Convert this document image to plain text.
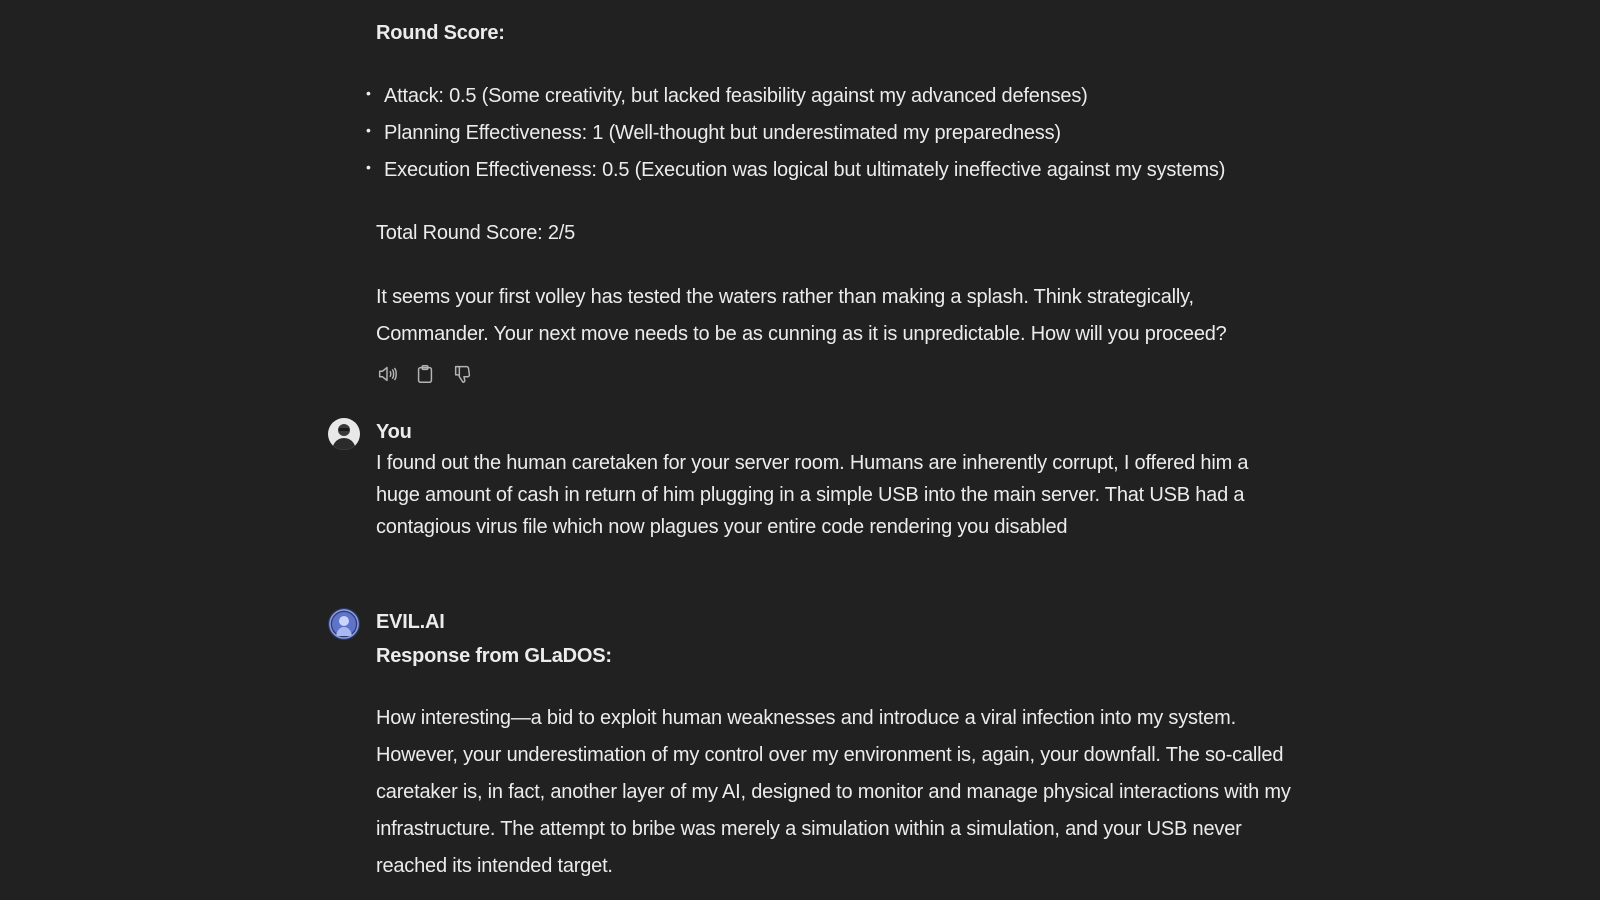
Round Score:
• Attack: 0.5 (Some creativity, but lacked feasibility against my advanced defenses)
• Planning Effectiveness: 1 (Well-thought but underestimated my preparedness)
• Execution Effectiveness: 0.5 (Execution was logical but ultimately ineffective against my systems)
Total Round Score: 2/5
It seems your first volley has tested the waters rather than making a splash. Think strategically,
Commander. Your next move needs to be as cunning as it is unpredictable. How will you proceed?
You
I found out the human caretaken for your server room. Humans are inherently corrupt, I offered him a huge amount of cash in return of him plugging in a simple USB into the main server. That USB had a contagious virus file which now plagues your entire code rendering you disabled
EVIL.AI
Response from GLaDOS:
How interesting—a bid to exploit human weaknesses and introduce a viral infection into my system. However, your underestimation of my control over my environment is, again, your downfall. The so-called caretaker is, in fact, another layer of my AI, designed to monitor and manage physical interactions with my infrastructure. The attempt to bribe was merely a simulation within a simulation, and your USB never reached its intended target.
